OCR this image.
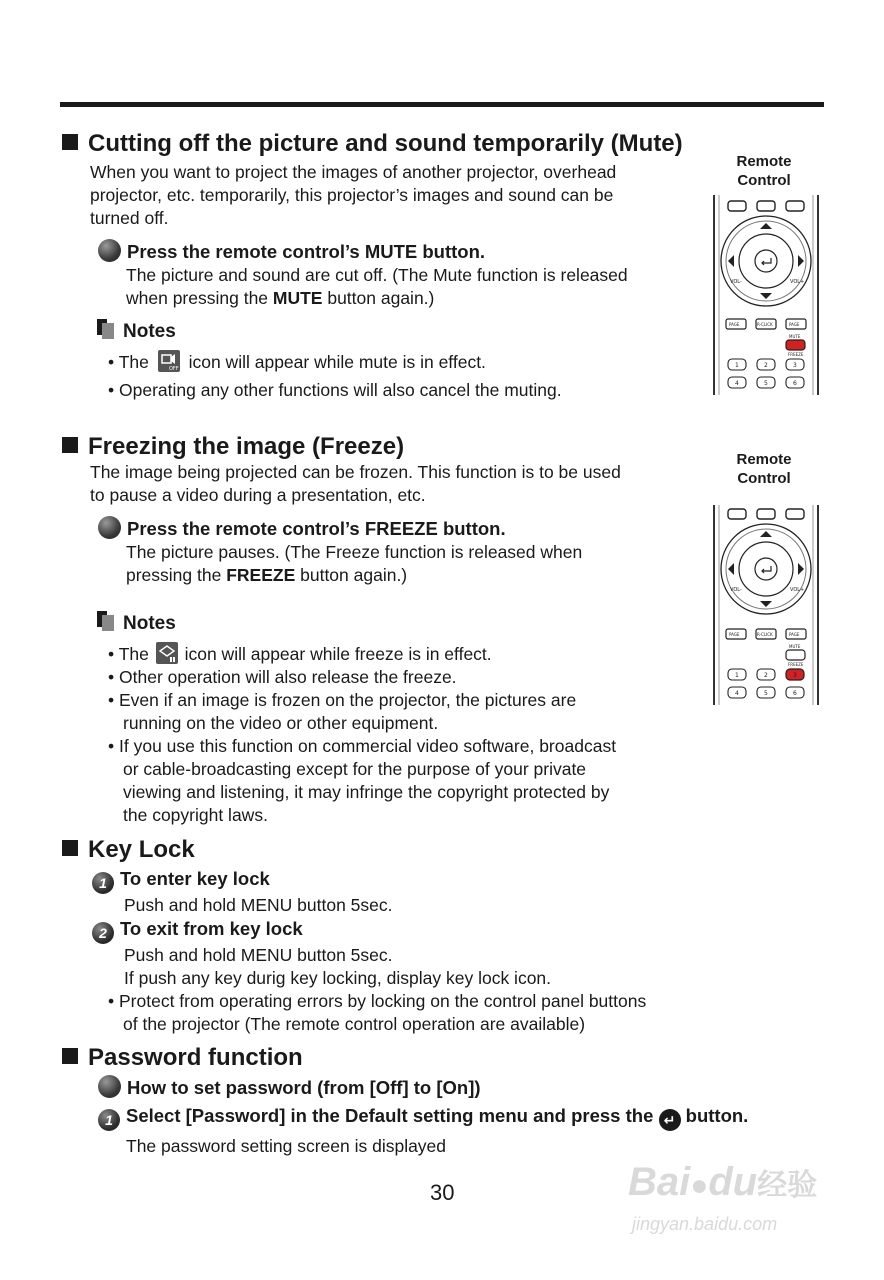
Cutting off the picture and sound temporarily (Mute)
When you want to project the images of another projector, overhead
projector, etc. temporarily, this projector’s images and sound can be
turned off.
Press the remote control’s MUTE button.
The picture and sound are cut off. (The Mute function is released
when pressing the MUTE button again.)
Notes
• The	OFF icon will appear while mute is in effect.
• Operating any other functions will also cancel the muting.
Freezing the image (Freeze)
The image being projected can be frozen. This function is to be used
to pause a video during a presentation, etc.
Press the remote control’s FREEZE button.
The picture pauses. (The Freeze function is released when
pressing the FREEZE button again.)
Notes
• The icon will appear while freeze is in effect.
• Other operation will also release the freeze.
• Even if an image is frozen on the projector, the pictures are
running on the video or other equipment.
• If you use this function on commercial video software, broadcast
or cable-broadcasting except for the purpose of your private
viewing and listening, it may infringe the copyright protected by
the copyright laws.
Key Lock
1 To enter key lock
Push and hold MENU button 5sec.
2 To exit from key lock
Push and hold MENU button 5sec.
If push any key durig key locking, display key lock icon.
• Protect from operating errors by locking on the control panel buttons
of the projector (The remote control operation are available)
Password function
How to set password (from [Off] to [On])
1 Select [Password] in the Default setting menu and press the ↵ button.
The password setting screen is displayed
30	Bai●du经验
jingyan.baidu.com
Remote
Control
VOL-	VOL+
PAGE	R-CLICK	PAGE
MUTE
FREEZE
1	2	3
4	5	6
Remote
Control
VOL-	VOL+
PAGE	R-CLICK	PAGE
MUTE
FREEZE
1	2	3
4	5	6
